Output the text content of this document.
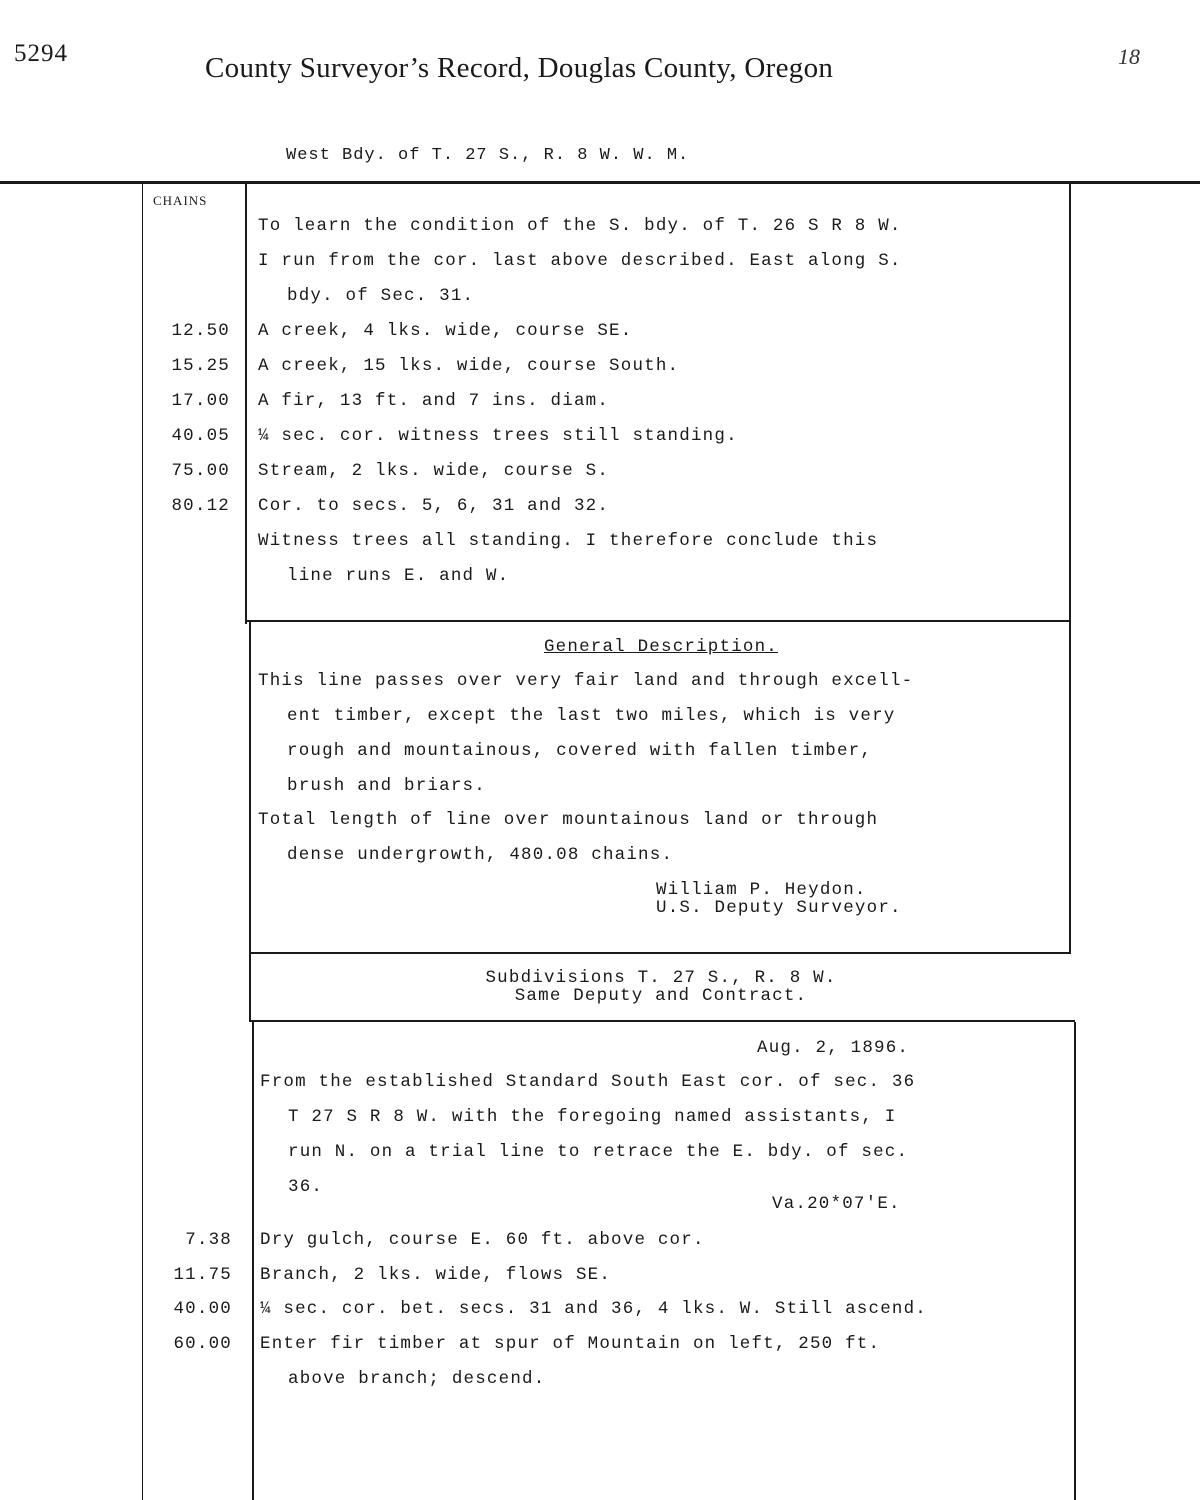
5294	County Surveyor’s Record, Douglas County, Oregon	18
West Bdy. of T. 27 S., R. 8 W. W. M.
CHAINS
To learn the condition of the S. bdy. of T. 26 S R 8 W.
I run from the cor. last above described. East along S.
bdy. of Sec. 31.
12.50 A creek, 4 lks. wide, course SE.
15.25 A creek, 15 lks. wide, course South.
17.00 A fir, 13 ft. and 7 ins. diam.
40.05 ¼ sec. cor. witness trees still standing.
75.00 Stream, 2 lks. wide, course S.
80.12 Cor. to secs. 5, 6, 31 and 32.
Witness trees all standing. I therefore conclude this
line runs E. and W.
General Description.
This line passes over very fair land and through excell-
ent timber, except the last two miles, which is very
rough and mountainous, covered with fallen timber,
brush and briars.
Total length of line over mountainous land or through
dense undergrowth, 480.08 chains.
William P. Heydon.
U.S. Deputy Surveyor.
Subdivisions T. 27 S., R. 8 W.
Same Deputy and Contract.
Aug. 2, 1896.
From the established Standard South East cor. of sec. 36
T 27 S R 8 W. with the foregoing named assistants, I
run N. on a trial line to retrace the E. bdy. of sec.
36.
Va.20*07'E.
7.38 Dry gulch, course E. 60 ft. above cor.
11.75 Branch, 2 lks. wide, flows SE.
40.00 ¼ sec. cor. bet. secs. 31 and 36, 4 lks. W. Still ascend.
60.00 Enter fir timber at spur of Mountain on left, 250 ft.
above branch; descend.
